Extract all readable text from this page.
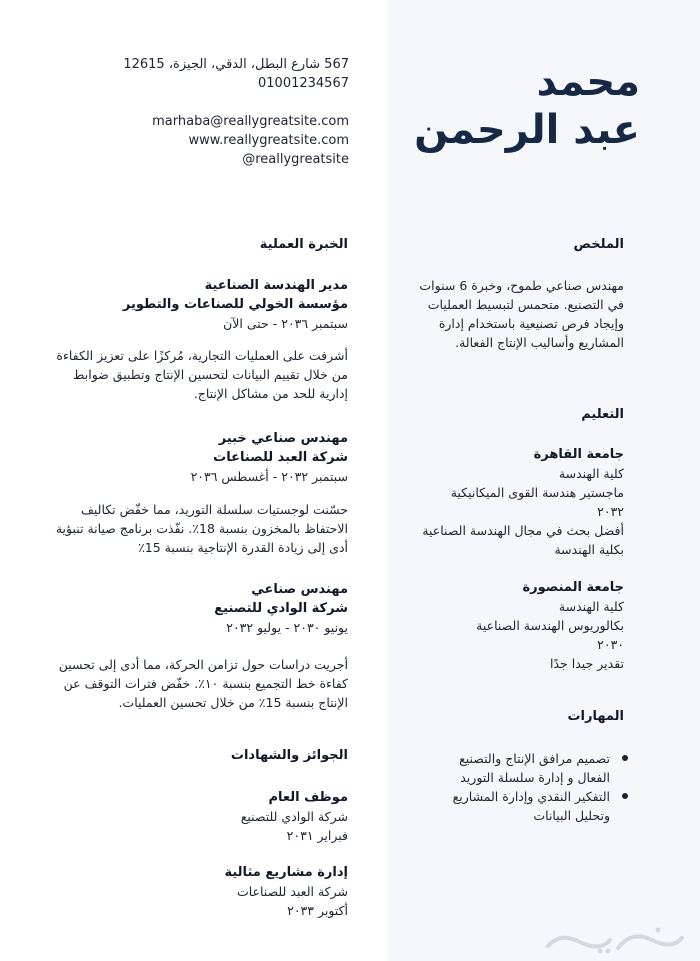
محمد
عبد الرحمن
567 شارع البطل، الدقي، الجيزة، 12615
01001234567
marhaba@reallygreatsite.com
www.reallygreatsite.com
@reallygreatsite
الملخص
مهندس صناعي طموح، وخبرة 6 سنوات
في التصنيع. متحمس لتبسيط العمليات
وإيجاد فرص تصنيعية باستخدام إدارة
المشاريع وأساليب الإنتاج الفعالة.
التعليم
جامعة القاهرة
كلية الهندسة
ماجستير هندسة القوى الميكانيكية
٢٠٣٢
أفضل بحث في مجال الهندسة الصناعية
بكلية الهندسة
جامعة المنصورة
كلية الهندسة
بكالوريوس الهندسة الصناعية
٢٠٣٠
تقدير جيدا جدًا
المهارات
تصميم مرافق الإنتاج والتصنيع
الفعال و إدارة سلسلة التوريد
التفكير النقدي وإدارة المشاريع
وتحليل البيانات
الخبرة العملية
مدير الهندسة الصناعية
مؤسسة الخولي للصناعات والتطوير
سبتمبر ٢٠٣٦ - حتى الآن
أشرفت على العمليات التجارية، مُركزًا على تعزيز الكفاءة
من خلال تقييم البيانات لتحسين الإنتاج وتطبيق ضوابط
إدارية للحد من مشاكل الإنتاج.
مهندس صناعي خبير
شركة العبد للصناعات
سبتمبر ٢٠٣٢ - أغسطس ٢٠٣٦
حسّنت لوجستيات سلسلة التوريد، مما خفّض تكاليف
الاحتفاظ بالمخزون بنسبة 18٪. نفّذت برنامج صيانة تنبؤية
أدى إلى زيادة القدرة الإنتاجية بنسبة 15٪
مهندس صناعي
شركة الوادي للتصنيع
يونيو ٢٠٣٠ - يوليو ٢٠٣٢
أجريت دراسات حول تزامن الحركة، مما أدى إلى تحسين
كفاءة خط التجميع بنسبة ١٠٪. خفّض فترات التوقف عن
الإنتاج بنسبة 15٪ من خلال تحسين العمليات.
الجوائز والشهادات
موظف العام
شركة الوادي للتصنيع
فبراير ٢٠٣١
إدارة مشاريع مثالية
شركة العبد للصناعات
أكتوبر ٢٠٣٣
